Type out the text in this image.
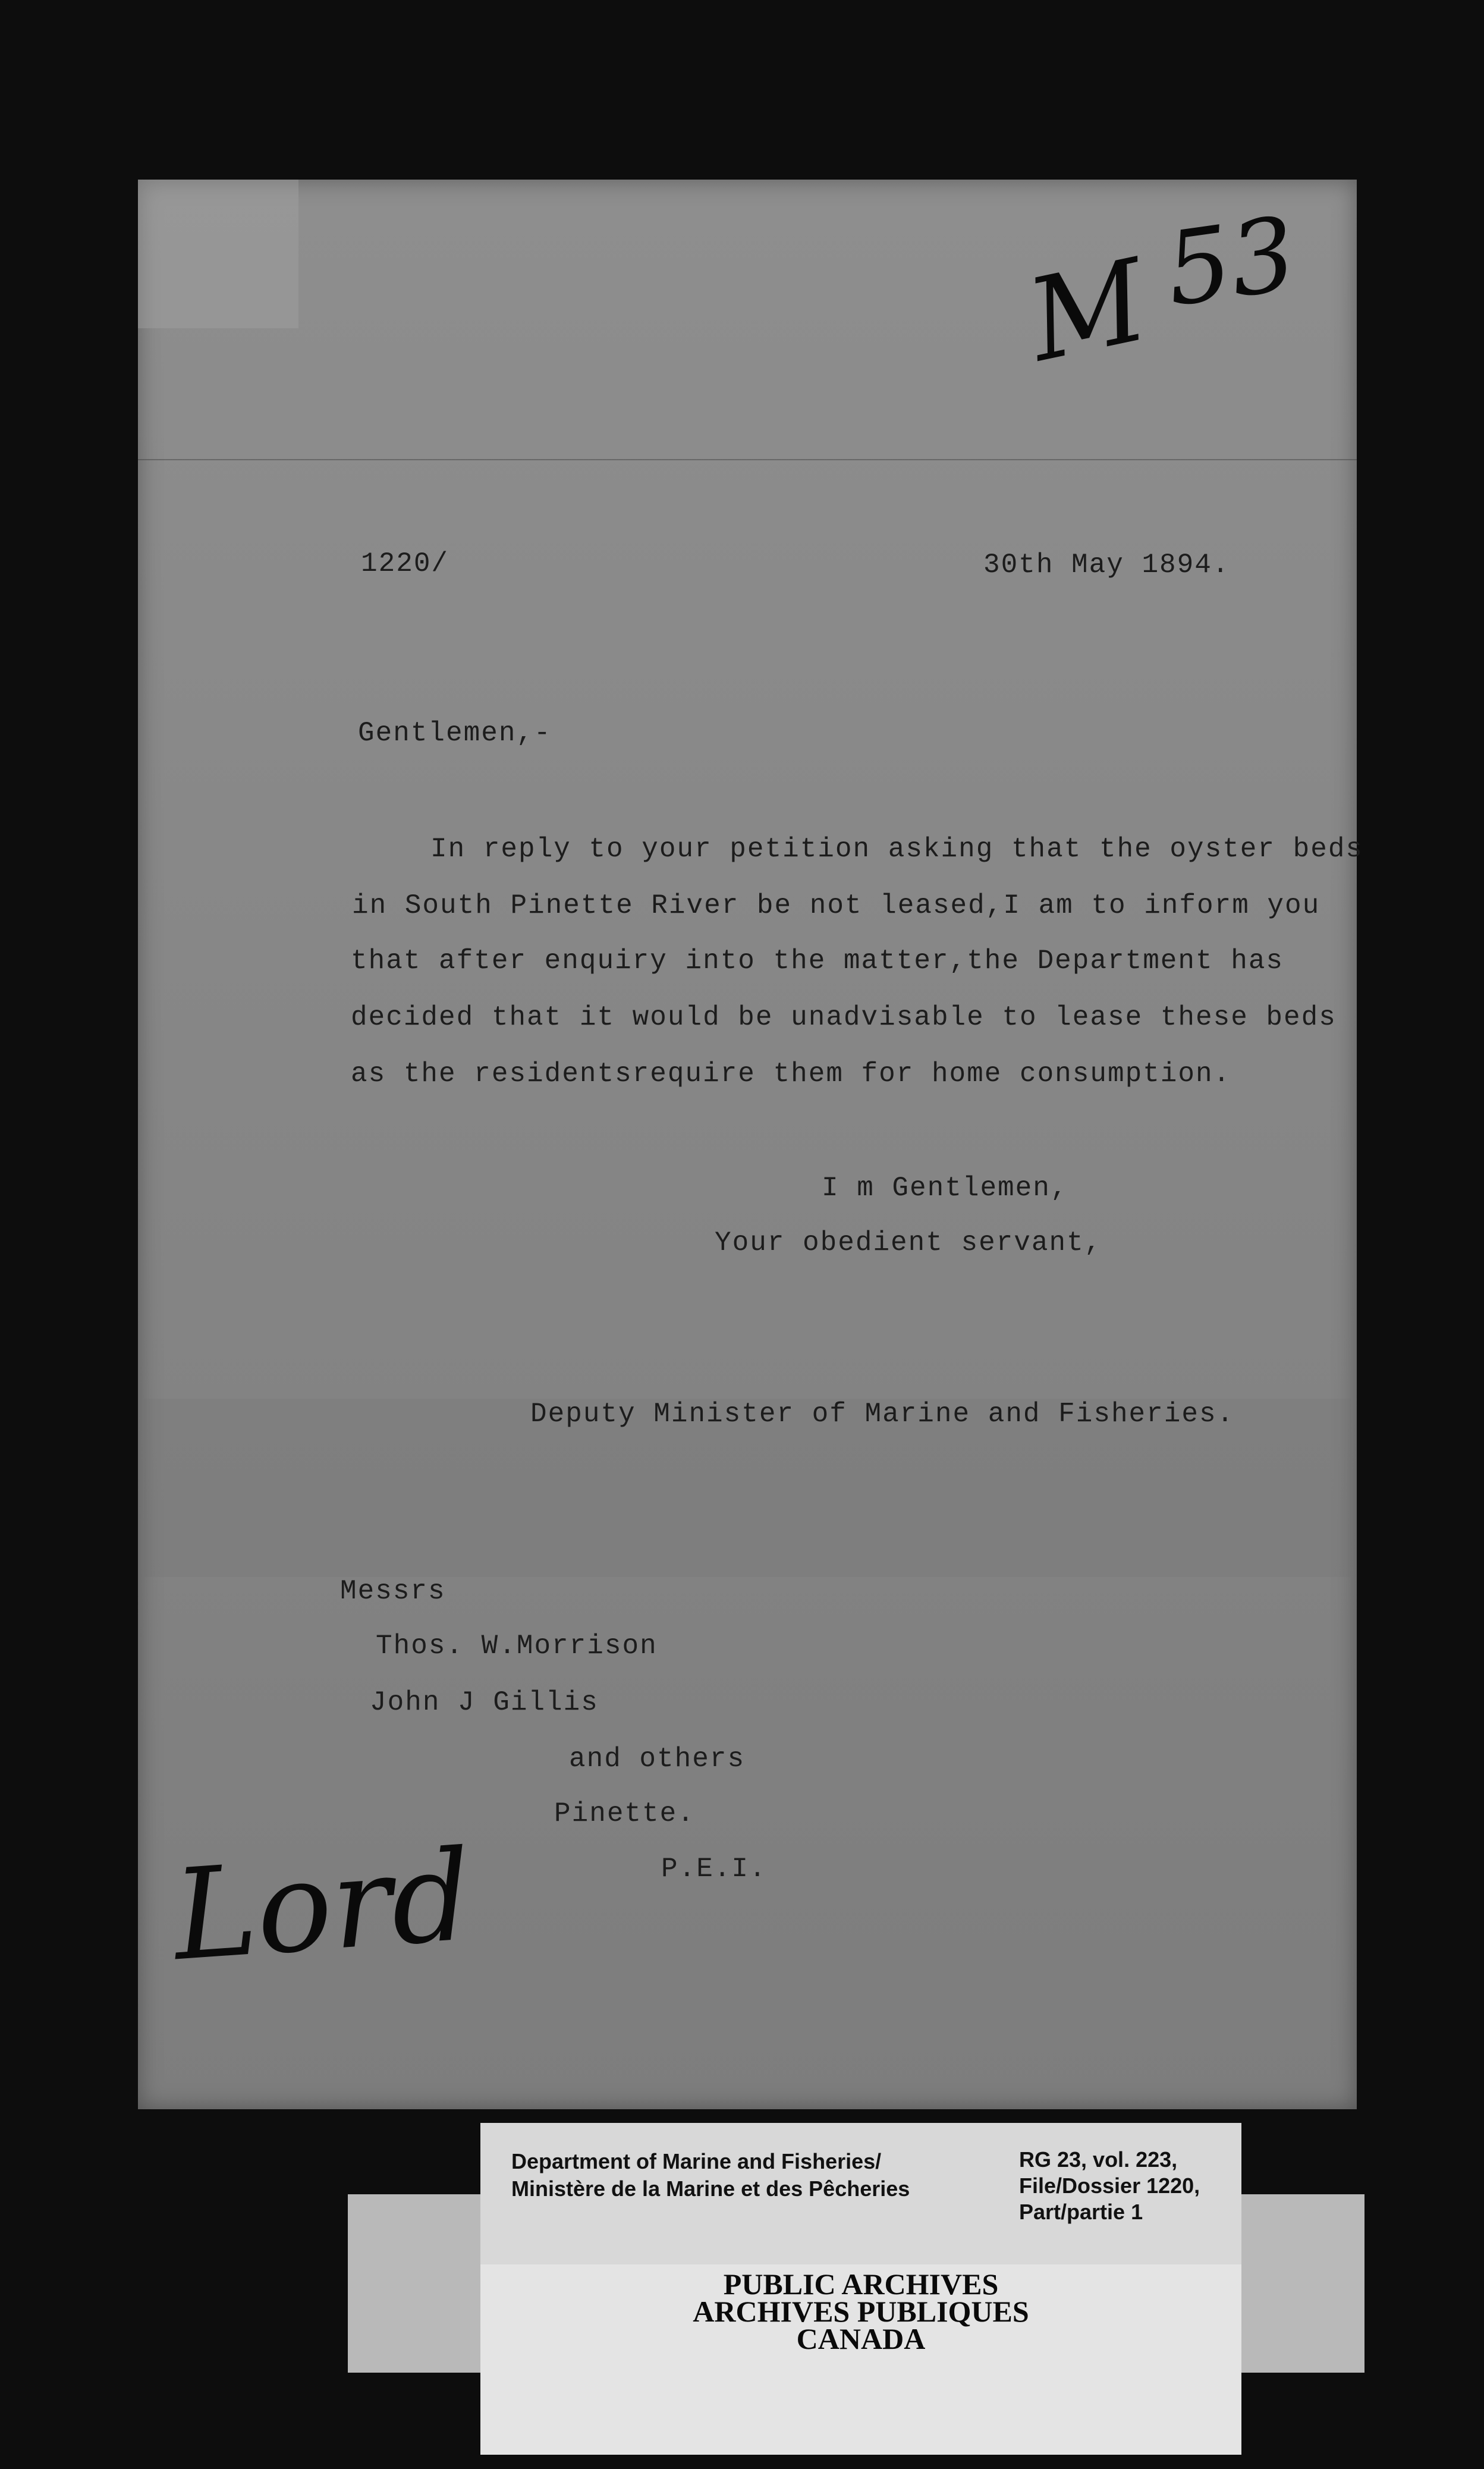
M 53
1220/	30th May 1894.
Gentlemen,-
In reply to your petition asking that the oyster beds
in South Pinette River be not leased,I am to inform you
that after enquiry into the matter,the Department has
decided that it would be unadvisable to lease these beds
as the residentsrequire them for home consumption.
I m Gentlemen,
Your obedient servant,
Deputy Minister of Marine and Fisheries.
Messrs
Thos. W.Morrison
John J Gillis
and others
Pinette.
P.E.I.
Lord
Department of Marine and Fisheries/
Ministère de la Marine et des Pêcheries
RG 23, vol. 223,
File/Dossier 1220,
Part/partie 1
PUBLIC ARCHIVES
ARCHIVES PUBLIQUES
CANADA
